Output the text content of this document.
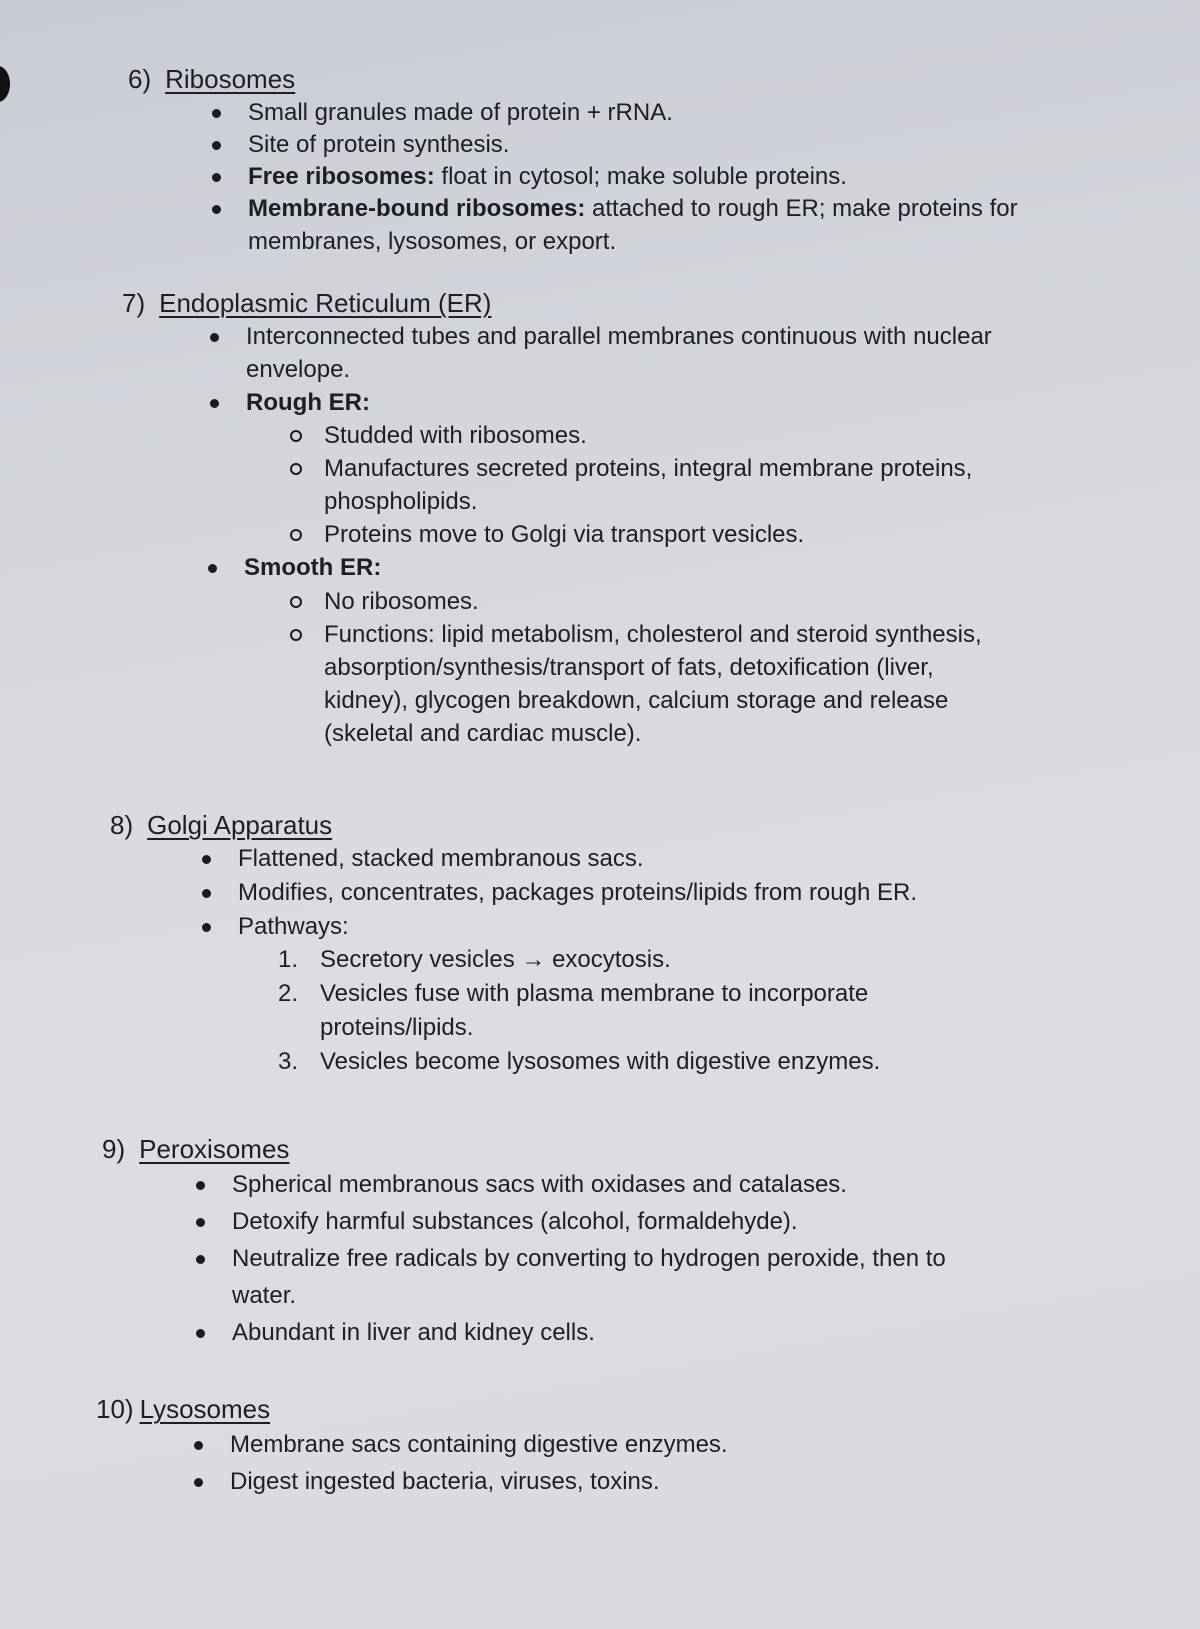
6) Ribosomes
Small granules made of protein + rRNA.
Site of protein synthesis.
Free ribosomes: float in cytosol; make soluble proteins.
Membrane-bound ribosomes: attached to rough ER; make proteins for
membranes, lysosomes, or export.
7) Endoplasmic Reticulum (ER)
Interconnected tubes and parallel membranes continuous with nuclear
envelope.
Rough ER:
Studded with ribosomes.
Manufactures secreted proteins, integral membrane proteins,
phospholipids.
Proteins move to Golgi via transport vesicles.
Smooth ER:
No ribosomes.
Functions: lipid metabolism, cholesterol and steroid synthesis,
absorption/synthesis/transport of fats, detoxification (liver,
kidney), glycogen breakdown, calcium storage and release
(skeletal and cardiac muscle).
8) Golgi Apparatus
Flattened, stacked membranous sacs.
Modifies, concentrates, packages proteins/lipids from rough ER.
Pathways:
1. Secretory vesicles → exocytosis.
2. Vesicles fuse with plasma membrane to incorporate
proteins/lipids.
3. Vesicles become lysosomes with digestive enzymes.
9) Peroxisomes
Spherical membranous sacs with oxidases and catalases.
Detoxify harmful substances (alcohol, formaldehyde).
Neutralize free radicals by converting to hydrogen peroxide, then to
water.
Abundant in liver and kidney cells.
10) Lysosomes
Membrane sacs containing digestive enzymes.
Digest ingested bacteria, viruses, toxins.
